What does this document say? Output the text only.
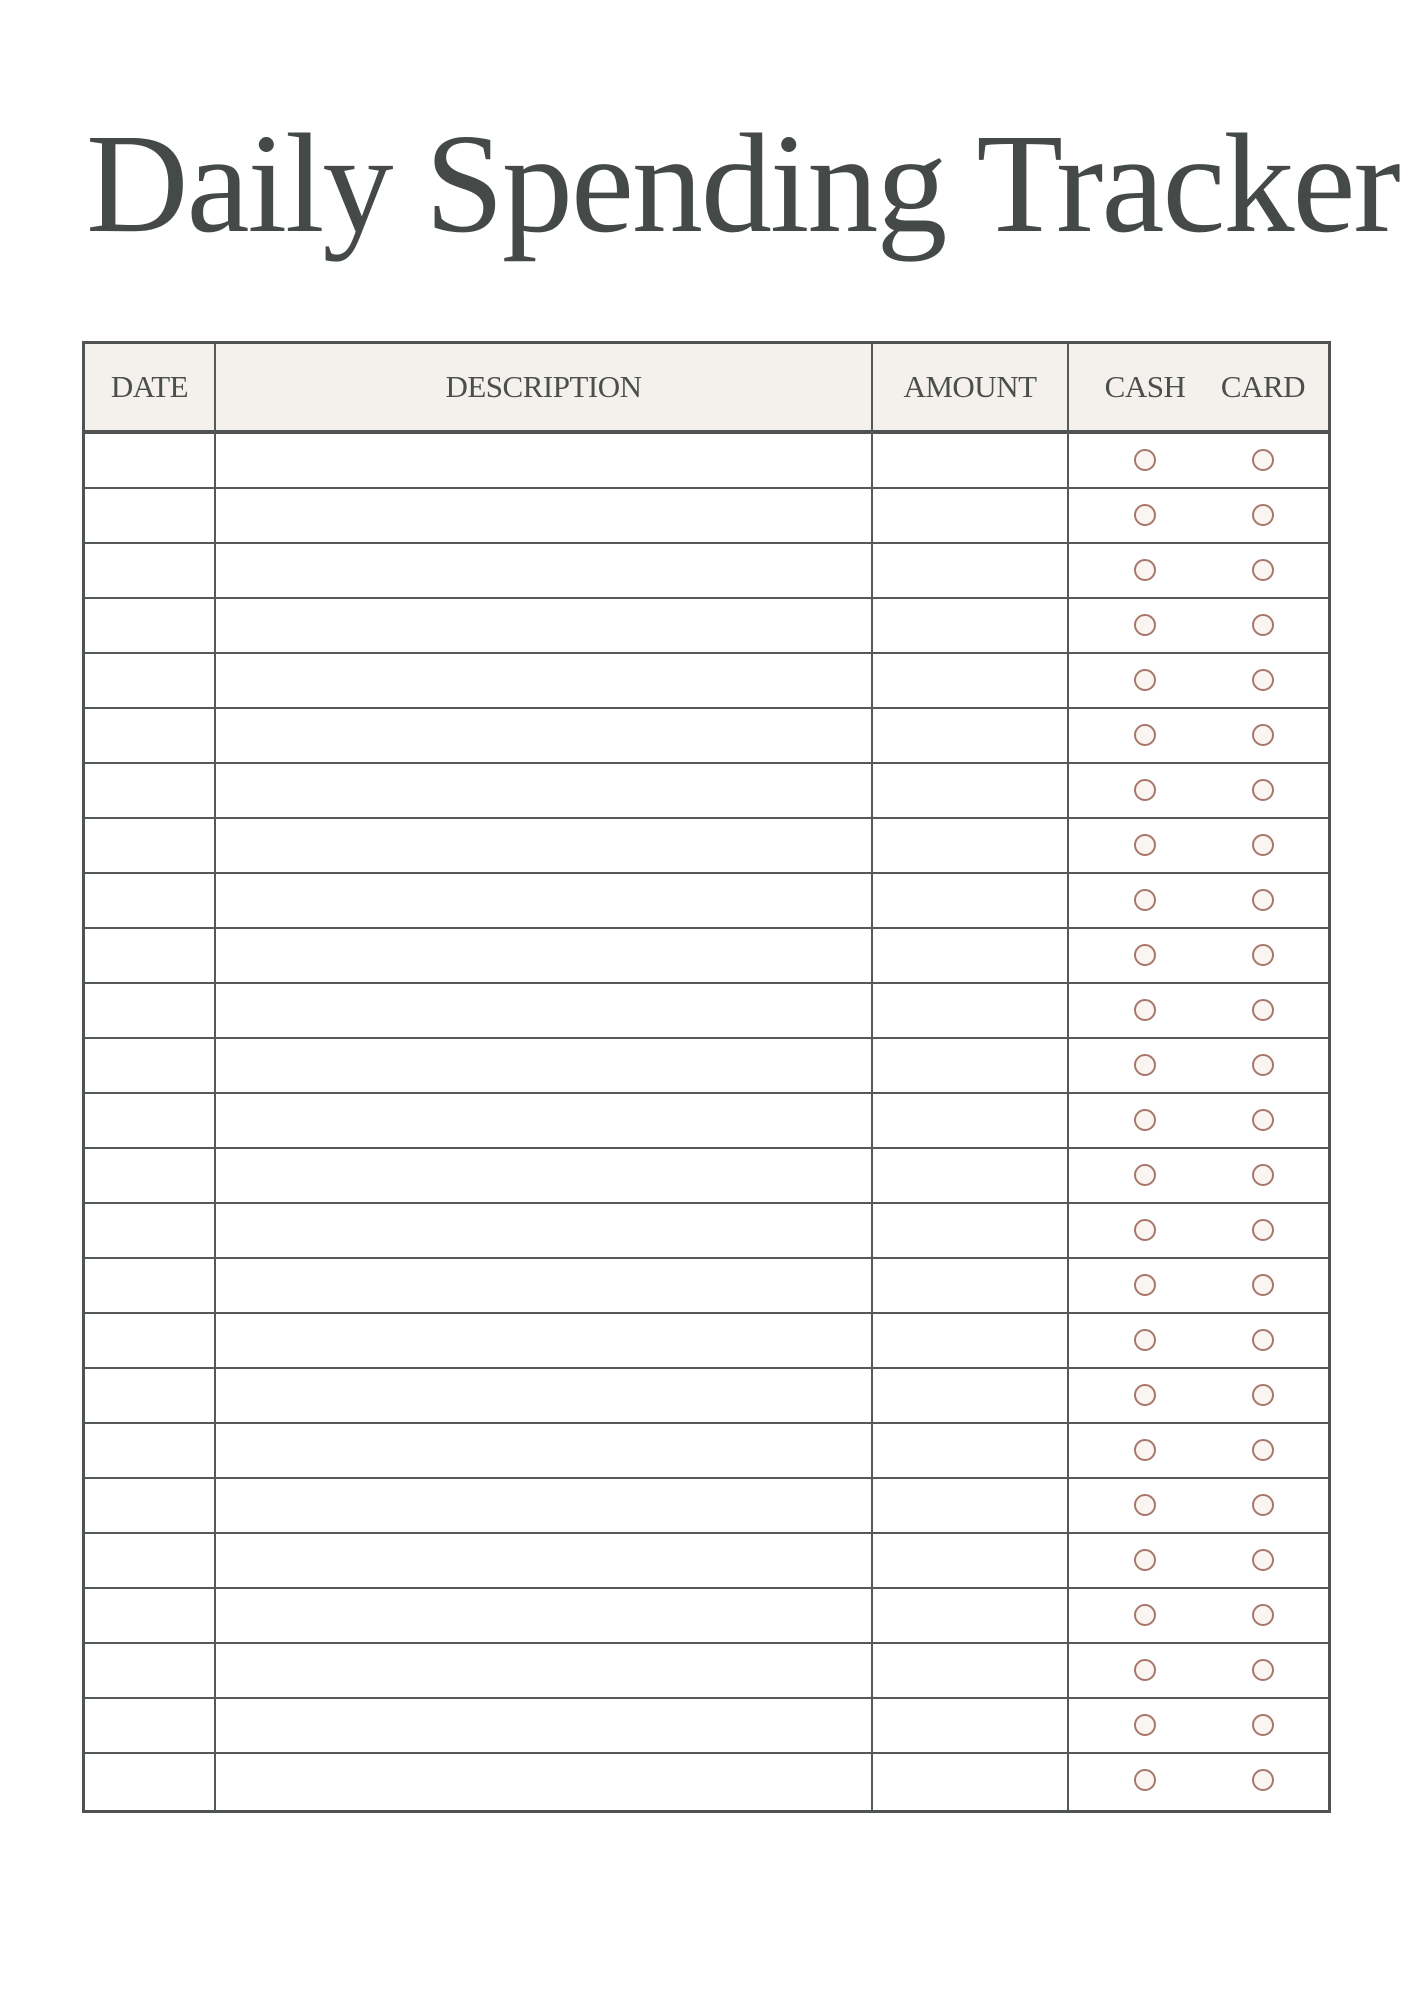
Daily Spending Tracker
DATE	DESCRIPTION	AMOUNT	CASH	CARD
